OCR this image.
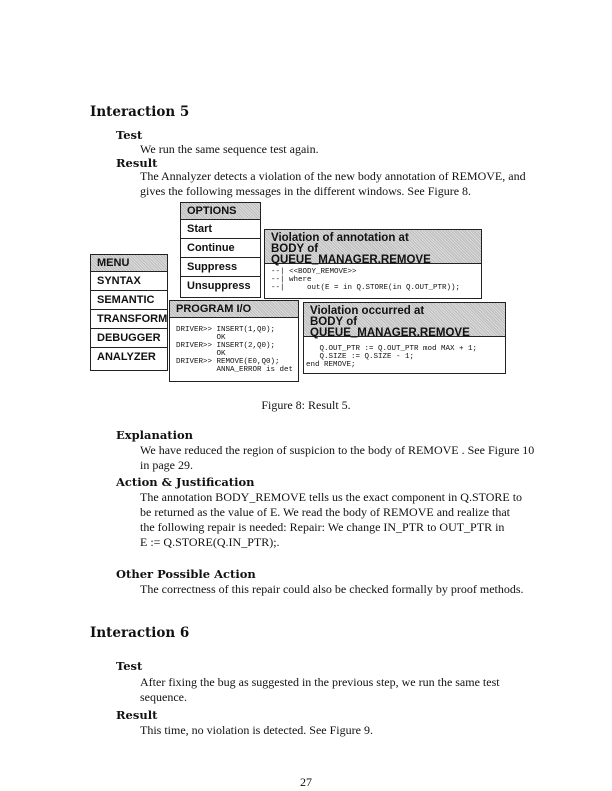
Interaction 5
Test
We run the same sequence test again.
Result
The Annalyzer detects a violation of the new body annotation of REMOVE, and
gives the following messages in the different windows. See Figure 8.
OPTIONS
Start
Continue
Suppress
Unsuppress
MENU
SYNTAX
SEMANTIC
TRANSFORM
DEBUGGER
ANALYZER
Violation of annotation at
BODY of QUEUE_MANAGER.REMOVE
--| <<BODY_REMOVE>>
--| where
--|     out(E = in Q.STORE(in Q.OUT_PTR));
PROGRAM I/O
DRIVER>> INSERT(1,Q0);
OK
DRIVER>> INSERT(2,Q0);
OK
DRIVER>> REMOVE(E0,Q0);
ANNA_ERROR is det
Violation occurred at
BODY of QUEUE_MANAGER.REMOVE
Q.OUT_PTR := Q.OUT_PTR mod MAX + 1;
Q.SIZE := Q.SIZE - 1;
end REMOVE;
Figure 8: Result 5.
Explanation
We have reduced the region of suspicion to the body of REMOVE . See Figure 10
in page 29.
Action & Justification
The annotation BODY_REMOVE tells us the exact component in Q.STORE to
be returned as the value of E. We read the body of REMOVE and realize that
the following repair is needed: Repair: We change IN_PTR to OUT_PTR in
E := Q.STORE(Q.IN_PTR);.
Other Possible Action
The correctness of this repair could also be checked formally by proof methods.
Interaction 6
Test
After fixing the bug as suggested in the previous step, we run the same test
sequence.
Result
This time, no violation is detected. See Figure 9.
27
